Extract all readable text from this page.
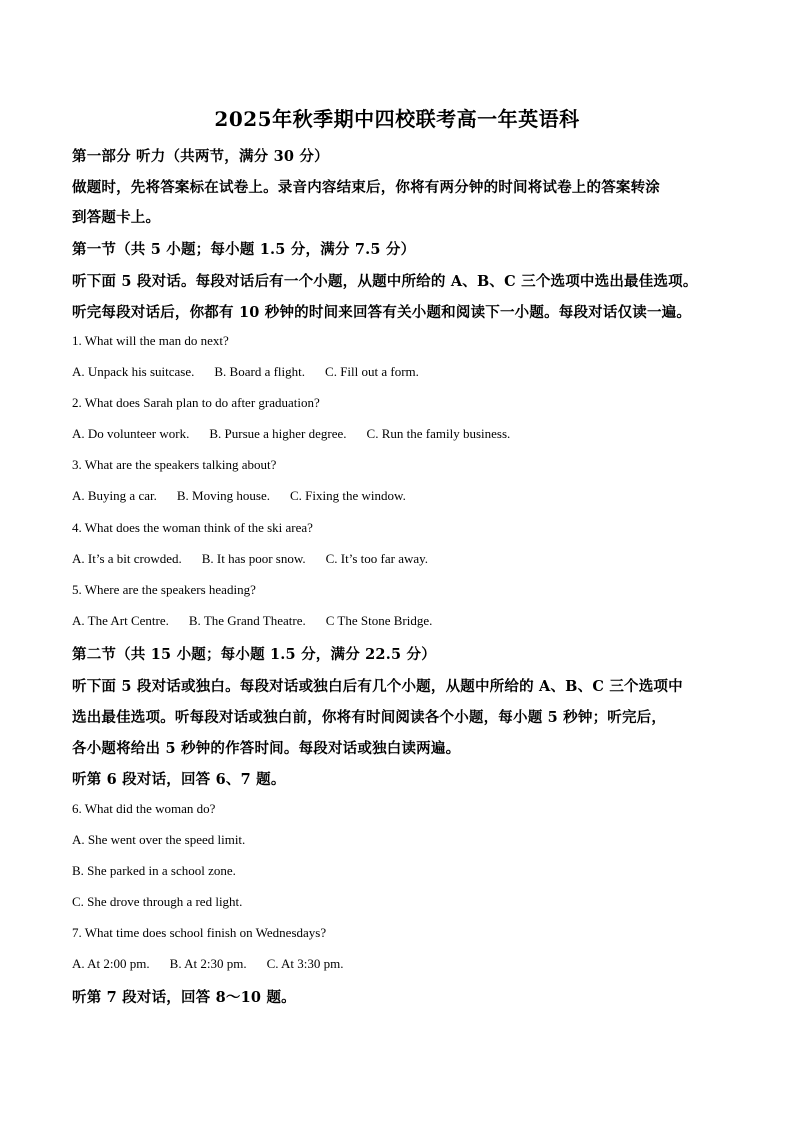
2025年秋季期中四校联考高一年英语科
第一部分 听力（共两节，满分 30 分）
做题时，先将答案标在试卷上。录音内容结束后，你将有两分钟的时间将试卷上的答案转涂
到答题卡上。
第一节（共 5 小题；每小题 1.5 分，满分 7.5 分）
听下面 5 段对话。每段对话后有一个小题，从题中所给的 A、B、C 三个选项中选出最佳选项。
听完每段对话后，你都有 10 秒钟的时间来回答有关小题和阅读下一小题。每段对话仅读一遍。
1. What will the man do next?
A. Unpack his suitcase. B. Board a flight. C. Fill out a form.
2. What does Sarah plan to do after graduation?
A. Do volunteer work. B. Pursue a higher degree. C. Run the family business.
3. What are the speakers talking about?
A. Buying a car. B. Moving house. C. Fixing the window.
4. What does the woman think of the ski area?
A. It’s a bit crowded. B. It has poor snow. C. It’s too far away.
5. Where are the speakers heading?
A. The Art Centre. B. The Grand Theatre. C The Stone Bridge.
第二节（共 15 小题；每小题 1.5 分，满分 22.5 分）
听下面 5 段对话或独白。每段对话或独白后有几个小题，从题中所给的 A、B、C 三个选项中
选出最佳选项。听每段对话或独白前，你将有时间阅读各个小题，每小题 5 秒钟；听完后，
各小题将给出 5 秒钟的作答时间。每段对话或独白读两遍。
听第 6 段对话，回答 6、7 题。
6. What did the woman do?
A. She went over the speed limit.
B. She parked in a school zone.
C. She drove through a red light.
7. What time does school finish on Wednesdays?
A. At 2:00 pm. B. At 2:30 pm. C. At 3:30 pm.
听第 7 段对话，回答 8～10 题。
